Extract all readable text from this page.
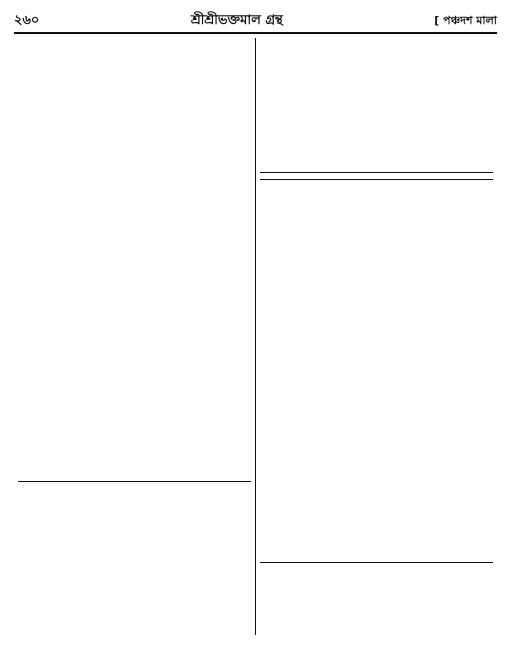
২৬০	শ্রীশ্রীভক্তমাল গ্রন্থ	[ পঞ্চদশ মালা
